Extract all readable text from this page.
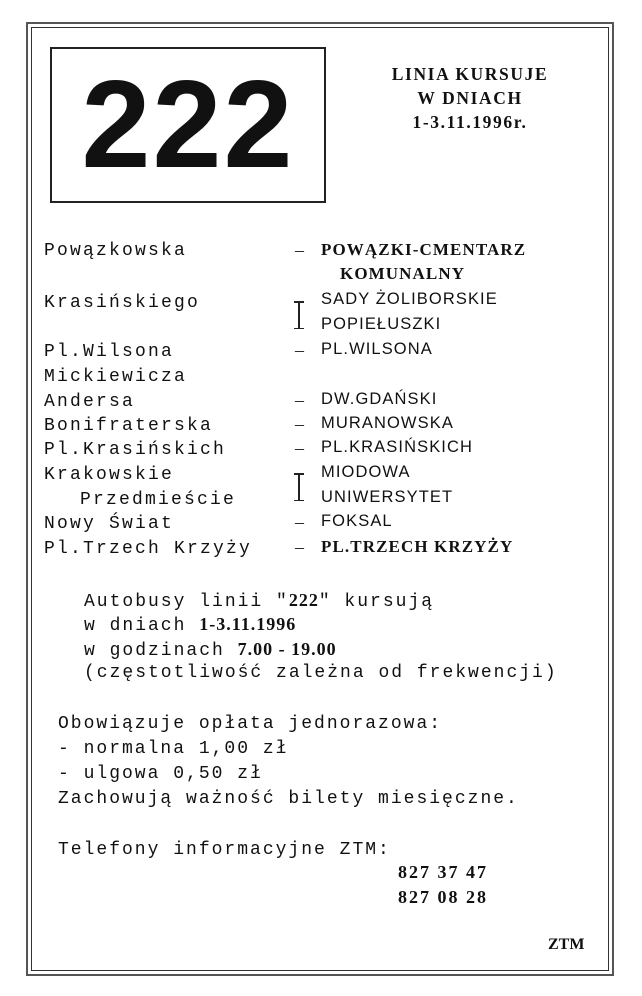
222	LINIA KURSUJE
W DNIACH
1-3.11.1996r.
Powązkowska
Krasińskiego
Pl.Wilsona
Mickiewicza
Andersa
Bonifraterska
Pl.Krasińskich
Krakowskie
Przedmieście
Nowy Świat
Pl.Trzech Krzyży
–
–
–
–
–
–
–
POWĄZKI-CMENTARZ
KOMUNALNY
SADY ŻOLIBORSKIE
POPIEŁUSZKI
PL.WILSONA
DW.GDAŃSKI
MURANOWSKA
PL.KRASIŃSKICH
MIODOWA
UNIWERSYTET
FOKSAL
PL.TRZECH KRZYŻY
Autobusy linii "222" kursują
w dniach 1-3.11.1996
w godzinach 7.00 - 19.00
(częstotliwość zależna od frekwencji)
Obowiązuje opłata jednorazowa:
- normalna 1,00 zł
- ulgowa 0,50 zł
Zachowują ważność bilety miesięczne.
Telefony informacyjne ZTM:
827 37 47
827 08 28
ZTM
